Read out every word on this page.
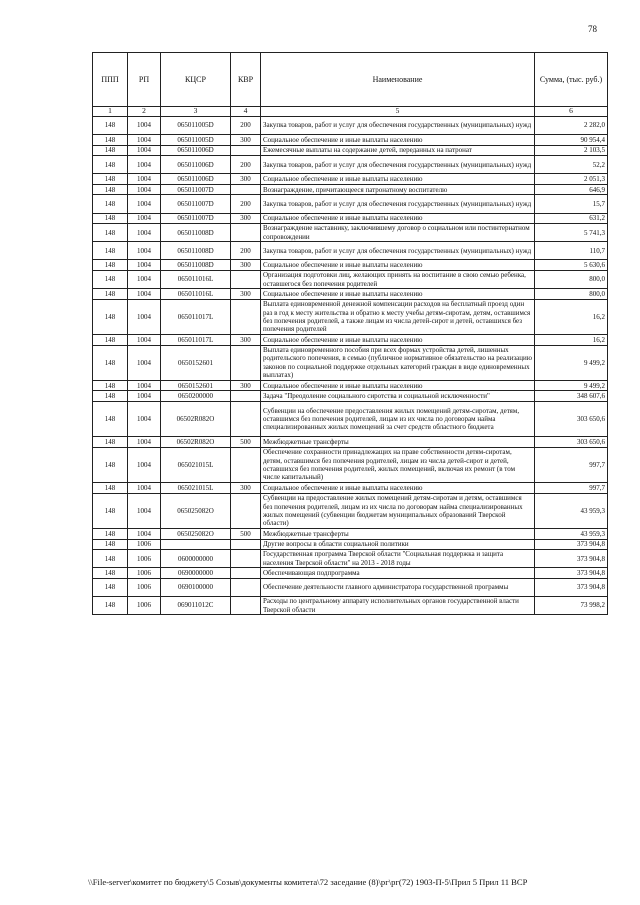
78
ППП	РП	КЦСР	КВР	Наименование	Сумма, (тыс. руб.)
1	2	3	4	5	6
148	1004	065011005D	200	Закупка товаров, работ и услуг для обеспечения государственных (муниципальных) нужд	2 282,0
148	1004	065011005D	300	Социальное обеспечение и иные выплаты населению	90 954,4
148	1004	065011006D		Ежемесячные выплаты на содержание детей, переданных на патронат	2 103,5
148	1004	065011006D	200	Закупка товаров, работ и услуг для обеспечения государственных (муниципальных) нужд	52,2
148	1004	065011006D	300	Социальное обеспечение и иные выплаты населению	2 051,3
148	1004	065011007D		Вознаграждение, причитающееся патронатному воспитателю	646,9
148	1004	065011007D	200	Закупка товаров, работ и услуг для обеспечения государственных (муниципальных) нужд	15,7
148	1004	065011007D	300	Социальное обеспечение и иные выплаты населению	631,2
148	1004	065011008D		Вознаграждение наставнику, заключившему договор о социальном или постинтернатном сопровождении	5 741,3
148	1004	065011008D	200	Закупка товаров, работ и услуг для обеспечения государственных (муниципальных) нужд	110,7
148	1004	065011008D	300	Социальное обеспечение и иные выплаты населению	5 630,6
148	1004	065011016L		Организация подготовки лиц, желающих принять на воспитание в свою семью ребенка, оставшегося без попечения родителей	800,0
148	1004	065011016L	300	Социальное обеспечение и иные выплаты населению	800,0
148	1004	065011017L		Выплата единовременной денежной компенсации расходов на бесплатный проезд один раз в год к месту жительства и обратно к месту учебы детям-сиротам, детям, оставшимся без попечения родителей, а также лицам из числа детей-сирот и детей, оставшихся без попечения родителей	16,2
148	1004	065011017L	300	Социальное обеспечение и иные выплаты населению	16,2
148	1004	0650152601		Выплата единовременного пособия при всех формах устройства детей, лишенных родительского попечения, в семью (публичное нормативное обязательство на реализацию законов по социальной поддержке отдельных категорий граждан в виде единовременных выплатах)	9 499,2
148	1004	0650152601	300	Социальное обеспечение и иные выплаты населению	9 499,2
148	1004	0650200000		Задача "Преодоление социального сиротства и социальной исключенности"	348 607,6
148	1004	06502R082O		Субвенции на обеспечение предоставления жилых помещений детям-сиротам, детям, оставшимся без попечения родителей, лицам из их числа по договорам найма специализированных жилых помещений за счет средств областного бюджета	303 650,6
148	1004	06502R082O	500	Межбюджетные трансферты	303 650,6
148	1004	065021015L		Обеспечение сохранности принадлежащих на праве собственности детям-сиротам, детям, оставшимся без попечения родителей, лицам из числа детей-сирот и детей, оставшихся без попечения родителей, жилых помещений, включая их ремонт (в том числе капитальный)	997,7
148	1004	065021015L	300	Социальное обеспечение и иные выплаты населению	997,7
148	1004	065025082O		Субвенции на предоставление жилых помещений детям-сиротам и детям, оставшимся без попечения родителей, лицам из их числа по договорам найма специализированных жилых помещений (субвенции бюджетам муниципальных образований Тверской области)	43 959,3
148	1004	065025082O	500	Межбюджетные трансферты	43 959,3
148	1006			Другие вопросы в области социальной политики	373 904,8
148	1006	0600000000		Государственная программа Тверской области "Социальная поддержка и защита населения Тверской области" на 2013 - 2018 годы	373 904,8
148	1006	0690000000		Обеспечивающая подпрограмма	373 904,8
148	1006	0690100000		Обеспечение деятельности главного администратора государственной программы	373 904,8
148	1006	069011012C		Расходы по центральному аппарату исполнительных органов государственной власти Тверской области	73 998,2
\\File-server\комитет по бюджету\5 Созыв\документы комитета\72 заседание (8)\рг\рг(72) 1903-П-5\Прил 5 Прил 11 ВСР
